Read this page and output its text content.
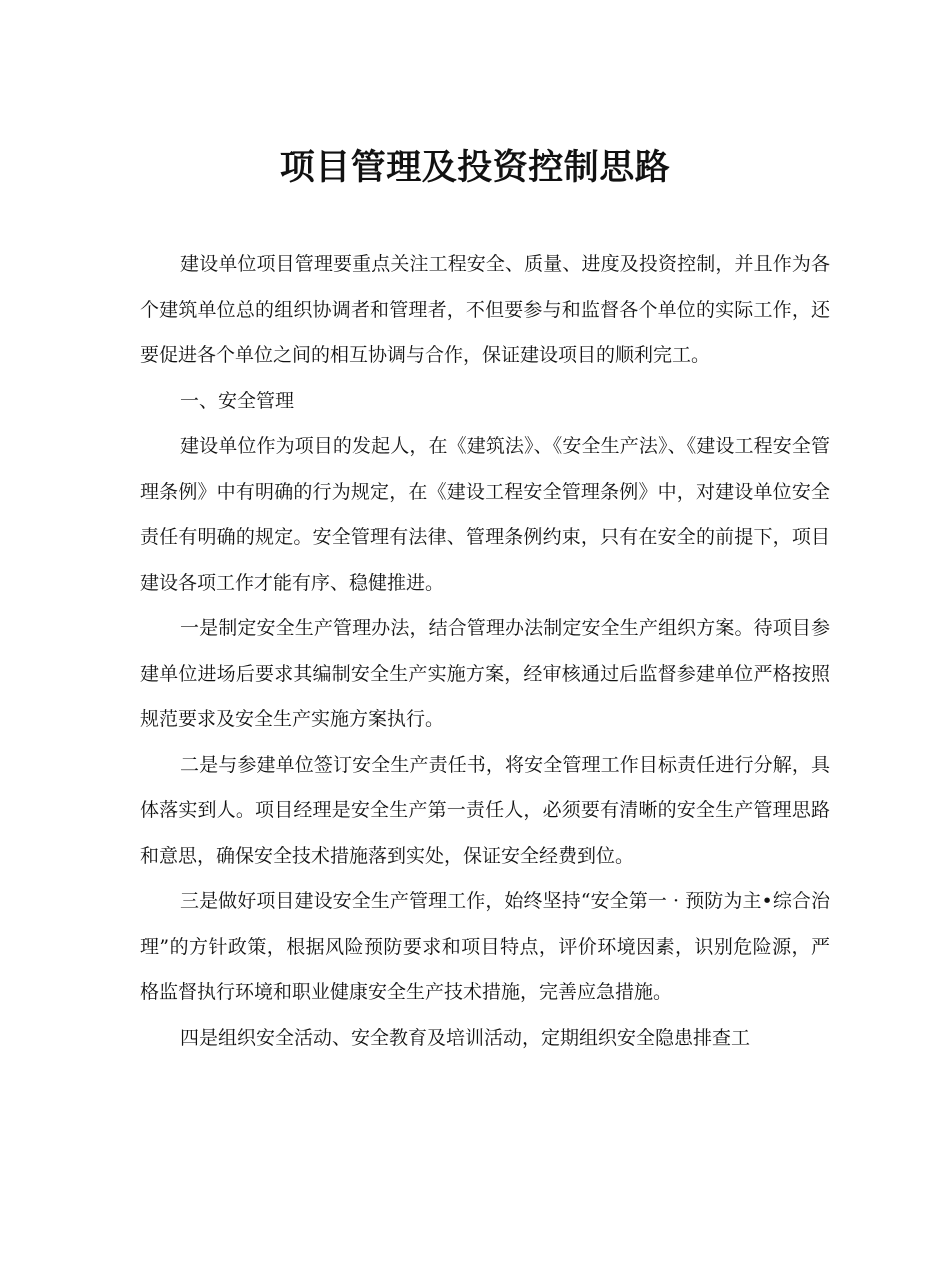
项目管理及投资控制思路

建设单位项目管理要重点关注工程安全、质量、进度及投资控制，并且作为各个建筑单位总的组织协调者和管理者，不但要参与和监督各个单位的实际工作，还要促进各个单位之间的相互协调与合作，保证建设项目的顺利完工。

一、安全管理

建设单位作为项目的发起人，在《建筑法》、《安全生产法》、《建设工程安全管理条例》中有明确的行为规定，在《建设工程安全管理条例》中，对建设单位安全责任有明确的规定。安全管理有法律、管理条例约束，只有在安全的前提下，项目建设各项工作才能有序、稳健推进。

一是制定安全生产管理办法，结合管理办法制定安全生产组织方案。待项目参建单位进场后要求其编制安全生产实施方案，经审核通过后监督参建单位严格按照规范要求及安全生产实施方案执行。

二是与参建单位签订安全生产责任书，将安全管理工作目标责任进行分解，具体落实到人。项目经理是安全生产第一责任人，必须要有清晰的安全生产管理思路和意思，确保安全技术措施落到实处，保证安全经费到位。

三是做好项目建设安全生产管理工作，始终坚持“安全第一 · 预防为主•综合治理”的方针政策，根据风险预防要求和项目特点，评价环境因素，识别危险源，严格监督执行环境和职业健康安全生产技术措施，完善应急措施。

四是组织安全活动、安全教育及培训活动，定期组织安全隐患排查工
